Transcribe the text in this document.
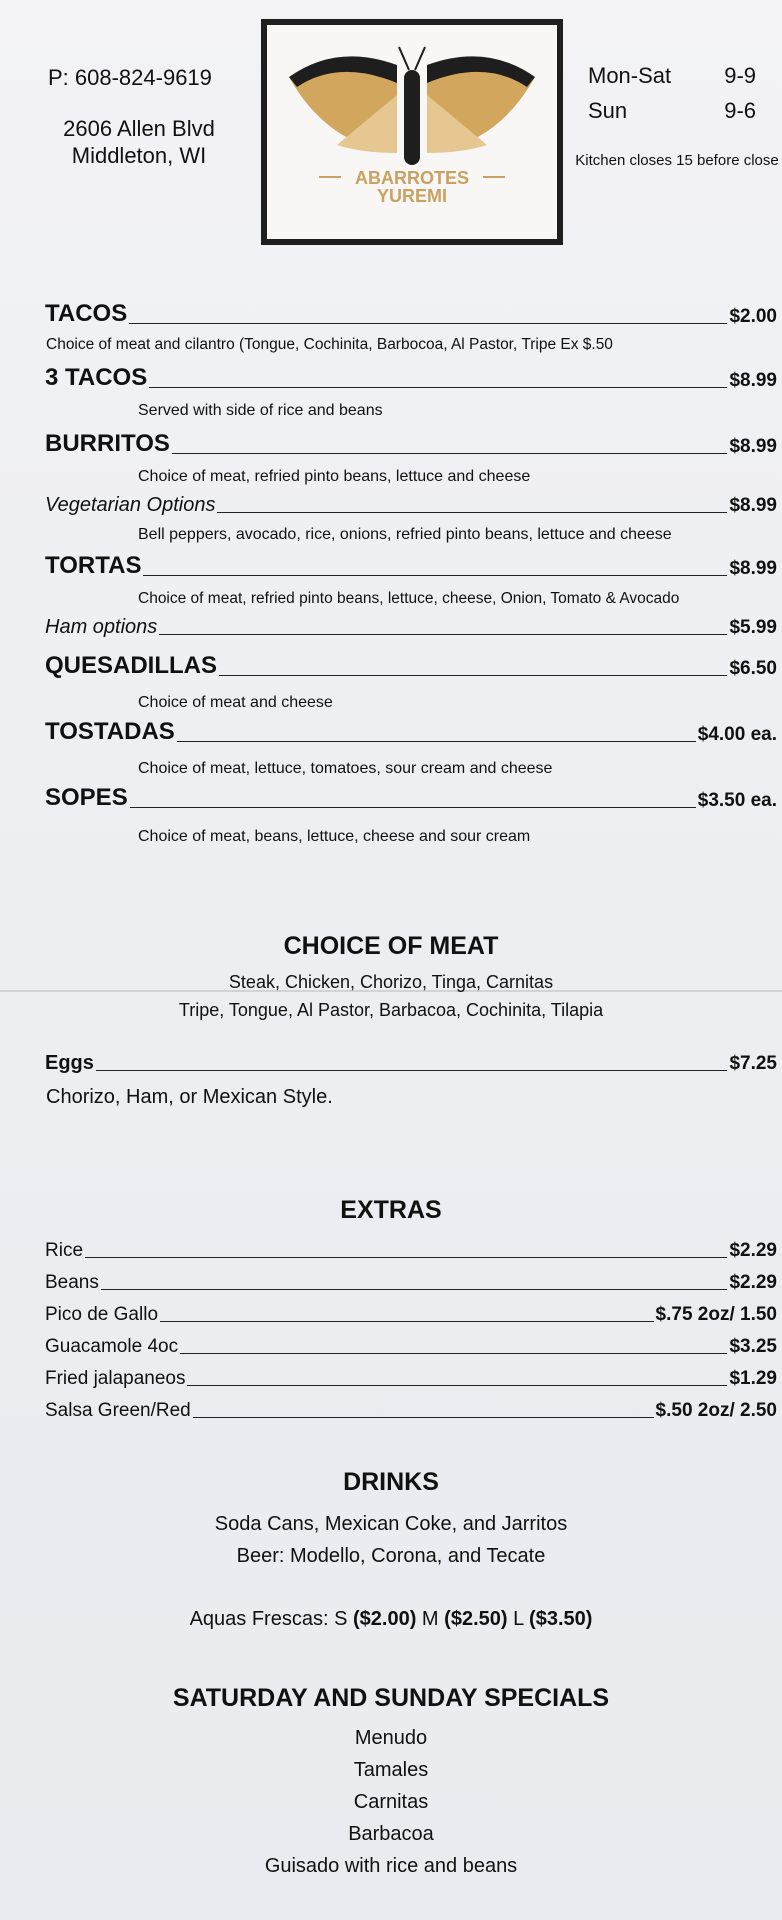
P: 608-824-9619
2606 Allen Blvd
Middleton, WI
ABARROTES
YUREMI
Mon-Sat 9-9
Sun	9-6
Kitchen closes 15 before close
TACOS	$2.00
Choice of meat and cilantro (Tongue, Cochinita, Barbocoa, Al Pastor, Tripe Ex $.50
3 TACOS	$8.99
Served with side of rice and beans
BURRITOS	$8.99
Choice of meat, refried pinto beans, lettuce and cheese
Vegetarian Options	$8.99
Bell peppers, avocado, rice, onions, refried pinto beans, lettuce and cheese
TORTAS	$8.99
Choice of meat, refried pinto beans, lettuce, cheese, Onion, Tomato & Avocado
Ham options	$5.99
QUESADILLAS	$6.50
Choice of meat and cheese
TOSTADAS	$4.00 ea.
Choice of meat, lettuce, tomatoes, sour cream and cheese
SOPES	$3.50 ea.
Choice of meat, beans, lettuce, cheese and sour cream
CHOICE OF MEAT
Steak, Chicken, Chorizo, Tinga, Carnitas
Tripe, Tongue, Al Pastor, Barbacoa, Cochinita, Tilapia
Eggs	$7.25
Chorizo, Ham, or Mexican Style.
EXTRAS
Rice	$2.29
Beans	$2.29
Pico de Gallo	$.75 2oz/ 1.50
Guacamole 4oc	$3.25
Fried jalapaneos	$1.29
Salsa Green/Red	$.50 2oz/ 2.50
DRINKS
Soda Cans, Mexican Coke, and Jarritos
Beer: Modello, Corona, and Tecate
Aquas Frescas: S ($2.00) M ($2.50) L ($3.50)
SATURDAY AND SUNDAY SPECIALS
Menudo
Tamales
Carnitas
Barbacoa
Guisado with rice and beans
